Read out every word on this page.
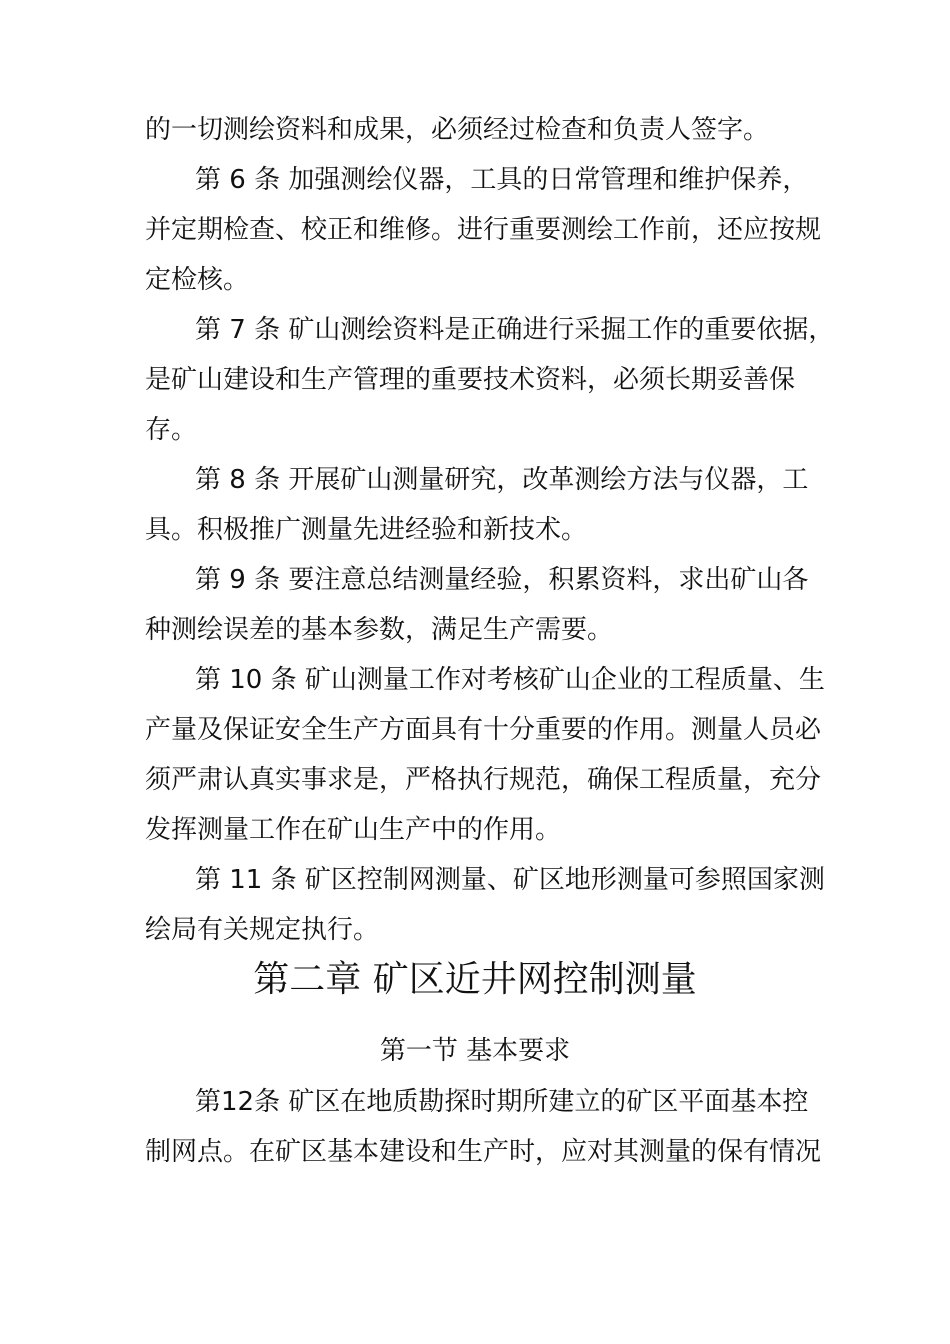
的一切测绘资料和成果，必须经过检查和负责人签字。
第 6 条 加强测绘仪器，工具的日常管理和维护保养，
并定期检查、校正和维修。进行重要测绘工作前，还应按规
定检核。
第 7 条 矿山测绘资料是正确进行采掘工作的重要依据，
是矿山建设和生产管理的重要技术资料，必须长期妥善保
存。
第 8 条 开展矿山测量研究，改革测绘方法与仪器，工
具。积极推广测量先进经验和新技术。
第 9 条 要注意总结测量经验，积累资料，求出矿山各
种测绘误差的基本参数，满足生产需要。
第 10 条 矿山测量工作对考核矿山企业的工程质量、生
产量及保证安全生产方面具有十分重要的作用。测量人员必
须严肃认真实事求是，严格执行规范，确保工程质量，充分
发挥测量工作在矿山生产中的作用。
第 11 条 矿区控制网测量、矿区地形测量可参照国家测
绘局有关规定执行。
第二章 矿区近井网控制测量
第一节 基本要求
第12条 矿区在地质勘探时期所建立的矿区平面基本控
制网点。在矿区基本建设和生产时，应对其测量的保有情况
